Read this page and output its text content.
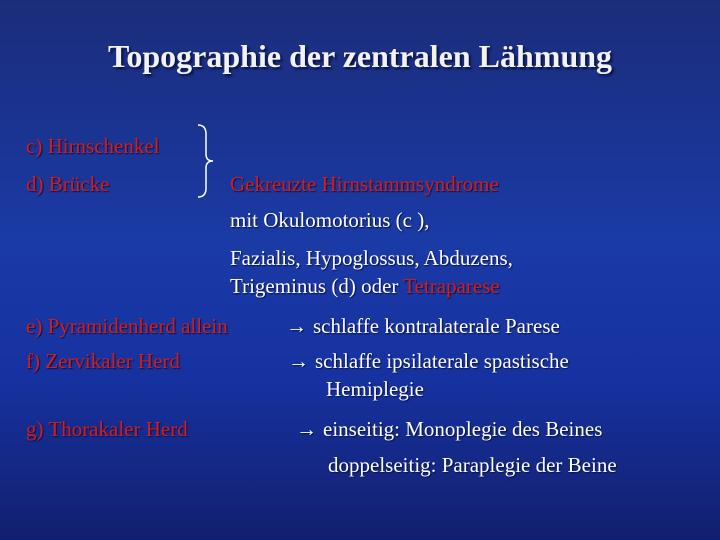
Topographie der zentralen Lähmung
c) Hirnschenkel
d) Brücke	Gekreuzte Hirnstammsyndrome
mit Okulomotorius (c ),
Fazialis, Hypoglossus, Abduzens,
Trigeminus (d) oder Tetraparese
e) Pyramidenherd allein	→ schlaffe kontralaterale Parese
f) Zervikaler Herd	→ schlaffe ipsilaterale spastische
Hemiplegie
g) Thorakaler Herd	→ einseitig: Monoplegie des Beines
doppelseitig: Paraplegie der Beine
